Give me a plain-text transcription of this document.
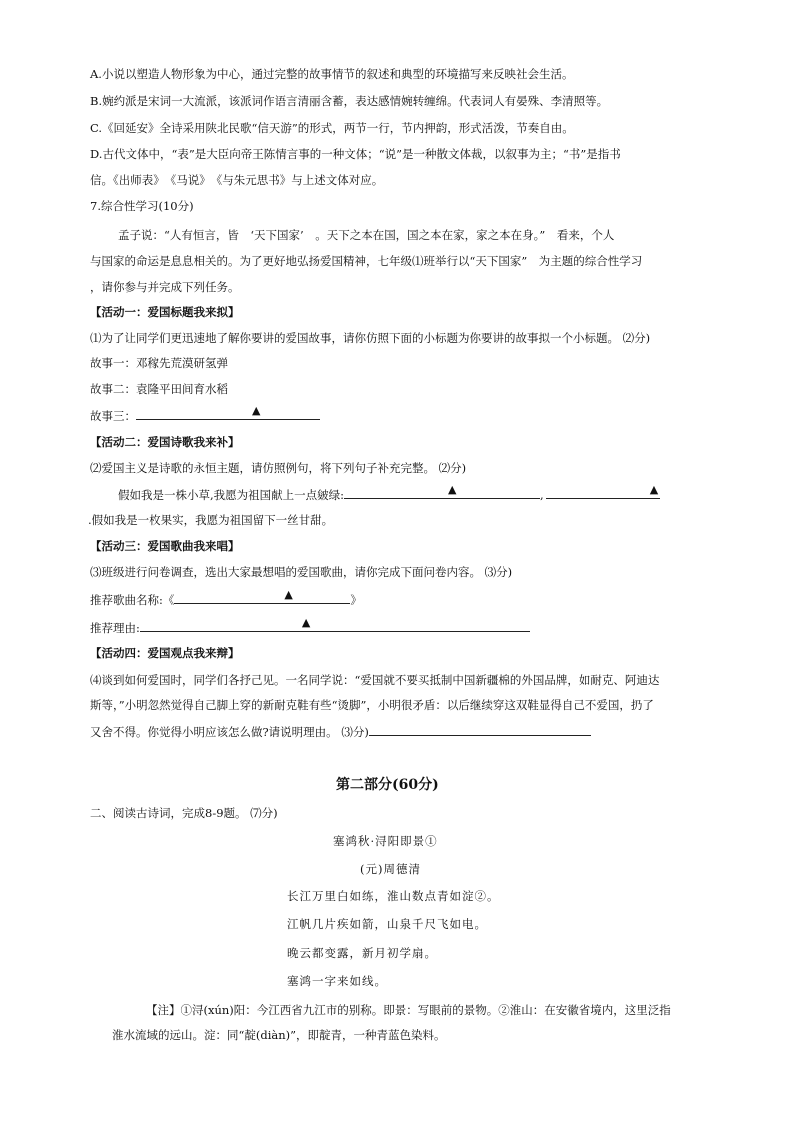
A.小说以塑造人物形象为中心，通过完整的故事情节的叙述和典型的环境描写来反映社会生活。
B.婉约派是宋词一大流派，该派词作语言清丽含蓄，表达感情婉转缠绵。代表词人有晏殊、李清照等。
C.《回延安》全诗采用陕北民歌“信天游”的形式，两节一行，节内押韵，形式活泼，节奏自由。
D.古代文体中，“表”是大臣向帝王陈情言事的一种文体；“说”是一种散文体裁，以叙事为主；“书”是指书
信。《出师表》　《马说》　《与朱元思书》与上述文体对应。
7.综合性学习(10分)
孟子说：“人有恒言，皆　‘天下国家’　。天下之本在国，国之本在家，家之本在身。”　看来，个人
与国家的命运是息息相关的。为了更好地弘扬爱国精神，七年级⑴班举行以“天下国家”　为主题的综合性学习
，请你参与并完成下列任务。
【活动一：爱国标题我来拟】
⑴为了让同学们更迅速地了解你要讲的爱国故事，请你仿照下面的小标题为你要讲的故事拟一个小标题。 ⑵分)
故事一：邓稼先荒漠研氢弹
故事二：袁隆平田间育水稻
故事三：	▲
【活动二：爱国诗歌我来补】
⑵爱国主义是诗歌的永恒主题，请仿照例句，将下列句子补充完整。 ⑵分)
假如我是一株小草,我愿为祖国献上一点皴绿:	▲	,	▲
.假如我是一枚果实，我愿为祖国留下一丝甘甜。
【活动三：爱国歌曲我来唱】
⑶班级进行问卷调查，选出大家最想唱的爱国歌曲，请你完成下面问卷内容。 ⑶分)
推荐歌曲名称:《	▲	》
推荐理由:	▲
【活动四：爱国观点我来辩】
⑷谈到如何爱国时，同学们各抒己见。一名同学说：“爱国就不要买抵制中国新疆棉的外国品牌，如耐克、阿迪达
斯等，”小明忽然觉得自己脚上穿的新耐克鞋有些“烫脚”，小明很矛盾：以后继续穿这双鞋显得自己不爱国，扔了
又舍不得。你觉得小明应该怎么做?请说明理由。 ⑶分)
第二部分(60分)
二、阅读古诗词，完成8-9题。 ⑺分)
塞鸿秋·浔阳即景①
(元)周德清
长江万里白如练，淮山数点青如淀②。
江帆几片疾如箭，山泉千尺飞如电。
晚云都变露，新月初学扇。
塞鸿一字来如线。
【注】①浔(xún)阳：今江西省九江市的别称。即景：写眼前的景物。②淮山：在安徽省境内，这里泛指
淮水流域的远山。淀：同“靛(diàn)”，即靛青，一种青蓝色染料。
